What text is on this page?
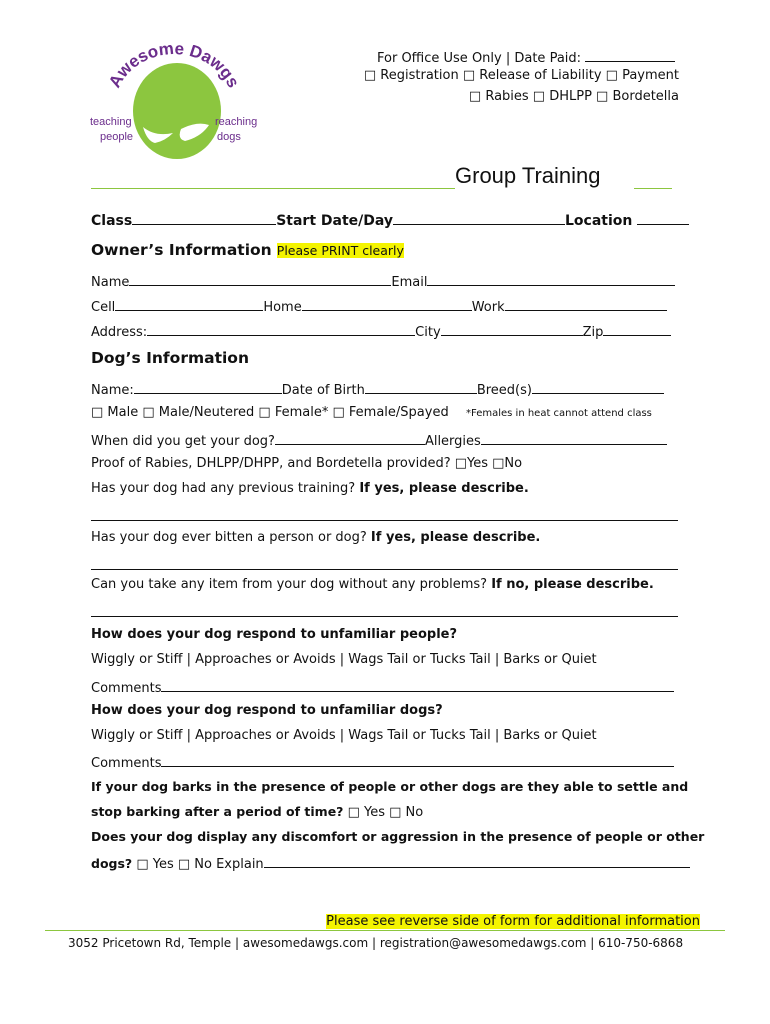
Awesome Dawgs
teaching
people
reaching
dogs
For Office Use Only | Date Paid:
□ Registration □ Release of Liability □ Payment
□ Rabies □ DHLPP □ Bordetella
Group Training
Class	Start Date/Day	Location
Owner’s Information Please PRINT clearly
Name	Email
Cell	Home	Work
Address:	City	Zip
Dog’s Information
Name:	Date of Birth	Breed(s)
□ Male □ Male/Neutered □ Female* □ Female/Spayed *Females in heat cannot attend class
When did you get your dog?	Allergies
Proof of Rabies, DHLPP/DHPP, and Bordetella provided? □Yes □No
Has your dog had any previous training? If yes, please describe.
Has your dog ever bitten a person or dog? If yes, please describe.
Can you take any item from your dog without any problems? If no, please describe.
How does your dog respond to unfamiliar people?
Wiggly or Stiff | Approaches or Avoids | Wags Tail or Tucks Tail | Barks or Quiet
Comments
How does your dog respond to unfamiliar dogs?
Wiggly or Stiff | Approaches or Avoids | Wags Tail or Tucks Tail | Barks or Quiet
Comments
If your dog barks in the presence of people or other dogs are they able to settle and
stop barking after a period of time? □ Yes □ No
Does your dog display any discomfort or aggression in the presence of people or other
dogs? □ Yes □ No Explain
Please see reverse side of form for additional information
3052 Pricetown Rd, Temple | awesomedawgs.com | registration@awesomedawgs.com | 610-750-6868
